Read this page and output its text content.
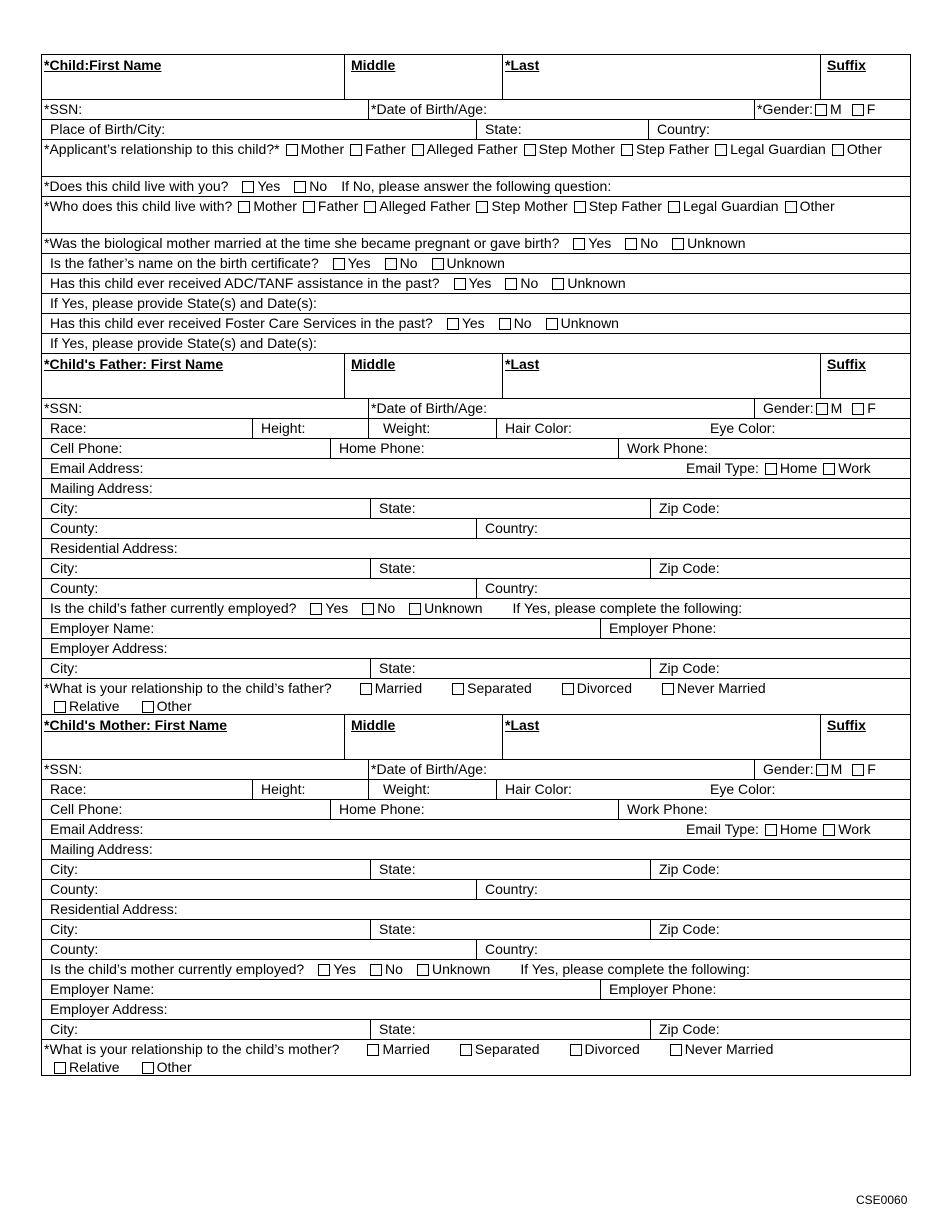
*Child:First Name	Middle	*Last	Suffix
*SSN:	*Date of Birth/Age:	*Gender: M F
Place of Birth/City:	State:	Country:
*Applicant’s relationship to this child?* Mother Father Alleged Father Step Mother Step Father Legal Guardian Other
*Does this child live with you? Yes No If No, please answer the following question:
*Who does this child live with? Mother Father Alleged Father Step Mother Step Father Legal Guardian Other
*Was the biological mother married at the time she became pregnant or gave birth? Yes No Unknown
Is the father’s name on the birth certificate? Yes No Unknown
Has this child ever received ADC/TANF assistance in the past? Yes No Unknown
If Yes, please provide State(s) and Date(s):
Has this child ever received Foster Care Services in the past? Yes No Unknown
If Yes, please provide State(s) and Date(s):
*Child's Father: First Name	Middle	*Last	Suffix
*SSN:	*Date of Birth/Age:	Gender: M F
Race:	Height:	Weight:	Hair Color:	Eye Color:
Cell Phone:	Home Phone:	Work Phone:
Email Address:	Email Type: Home Work
Mailing Address:
City:	State:	Zip Code:
County:	Country:
Residential Address:
City:	State:	Zip Code:
County:	Country:
Is the child’s father currently employed? Yes No Unknown If Yes, please complete the following:
Employer Name:	Employer Phone:
Employer Address:
City:	State:	Zip Code:
*What is your relationship to the child’s father?	Married	Separated	Divorced	Never Married
Relative	Other
*Child's Mother: First Name	Middle	*Last	Suffix
*SSN:	*Date of Birth/Age:	Gender: M F
Race:	Height:	Weight:	Hair Color:	Eye Color:
Cell Phone:	Home Phone:	Work Phone:
Email Address:	Email Type: Home Work
Mailing Address:
City:	State:	Zip Code:
County:	Country:
Residential Address:
City:	State:	Zip Code:
County:	Country:
Is the child’s mother currently employed? Yes No Unknown If Yes, please complete the following:
Employer Name:	Employer Phone:
Employer Address:
City:	State:	Zip Code:
*What is your relationship to the child’s mother?	Married	Separated	Divorced	Never Married
Relative	Other
CSE0060
